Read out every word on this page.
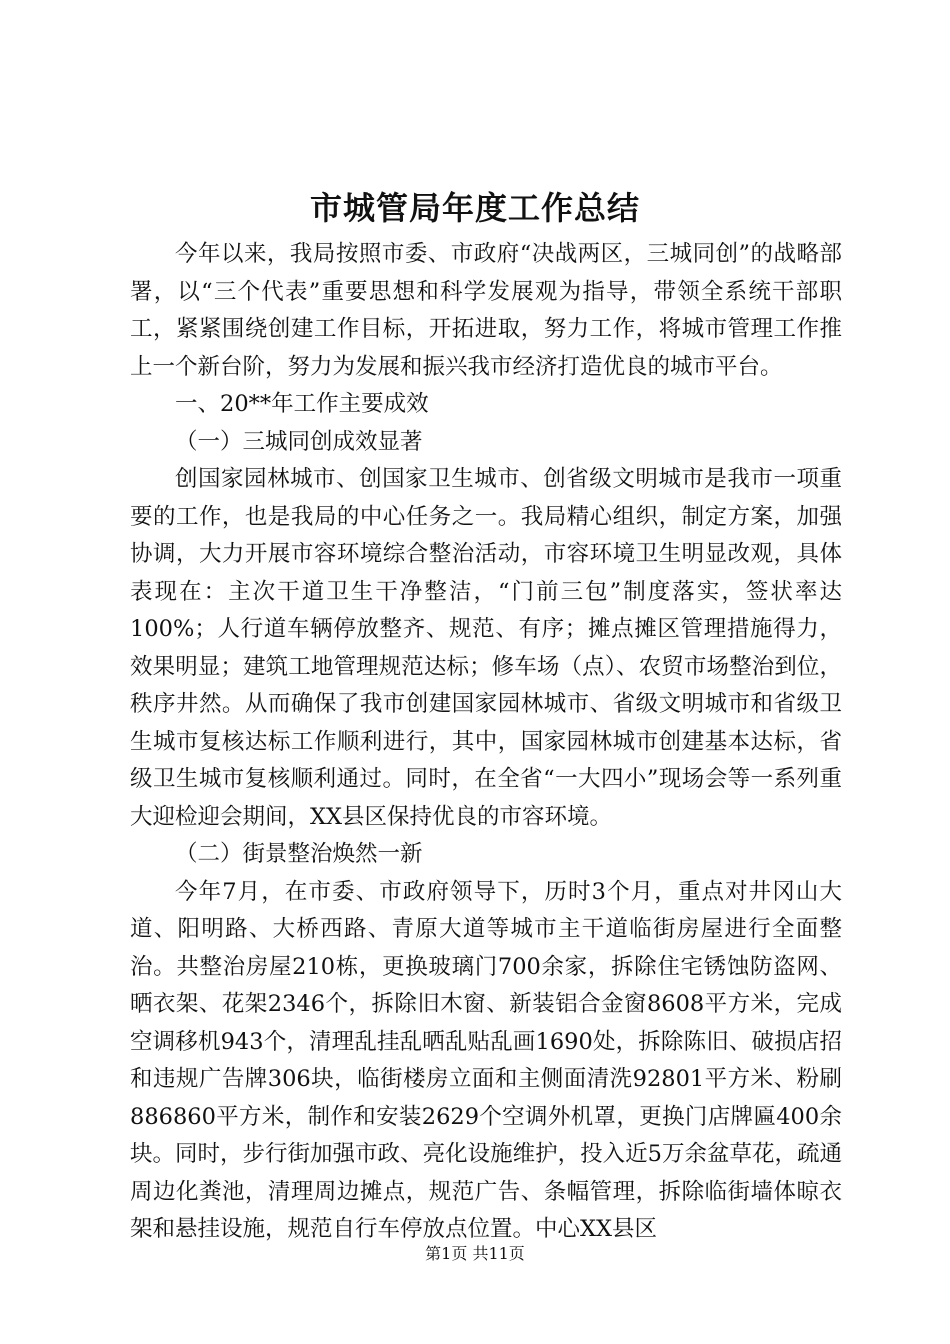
市城管局年度工作总结

今年以来，我局按照市委、市政府“决战两区，三城同创”的战略部署，以“三个代表”重要思想和科学发展观为指导，带领全系统干部职工，紧紧围绕创建工作目标，开拓进取，努力工作，将城市管理工作推上一个新台阶，努力为发展和振兴我市经济打造优良的城市平台。

一、20**年工作主要成效

（一）三城同创成效显著

创国家园林城市、创国家卫生城市、创省级文明城市是我市一项重要的工作，也是我局的中心任务之一。我局精心组织，制定方案，加强协调，大力开展市容环境综合整治活动，市容环境卫生明显改观，具体表现在：主次干道卫生干净整洁，“门前三包”制度落实，签状率达100%；人行道车辆停放整齐、规范、有序；摊点摊区管理措施得力，效果明显；建筑工地管理规范达标；修车场（点）、农贸市场整治到位，秩序井然。从而确保了我市创建国家园林城市、省级文明城市和省级卫生城市复核达标工作顺利进行，其中，国家园林城市创建基本达标，省级卫生城市复核顺利通过。同时，在全省“一大四小”现场会等一系列重大迎检迎会期间，XX县区保持优良的市容环境。

（二）街景整治焕然一新

今年7月，在市委、市政府领导下，历时3个月，重点对井冈山大道、阳明路、大桥西路、青原大道等城市主干道临街房屋进行全面整治。共整治房屋210栋，更换玻璃门700余家，拆除住宅锈蚀防盗网、晒衣架、花架2346个，拆除旧木窗、新装铝合金窗8608平方米，完成空调移机943个，清理乱挂乱晒乱贴乱画1690处，拆除陈旧、破损店招和违规广告牌306块，临街楼房立面和主侧面清洗92801平方米、粉刷886860平方米，制作和安装2629个空调外机罩，更换门店牌匾400余块。同时，步行街加强市政、亮化设施维护，投入近5万余盆草花，疏通周边化粪池，清理周边摊点，规范广告、条幅管理，拆除临街墙体晾衣架和悬挂设施，规范自行车停放点位置。中心XX县区

第1页 共11页
